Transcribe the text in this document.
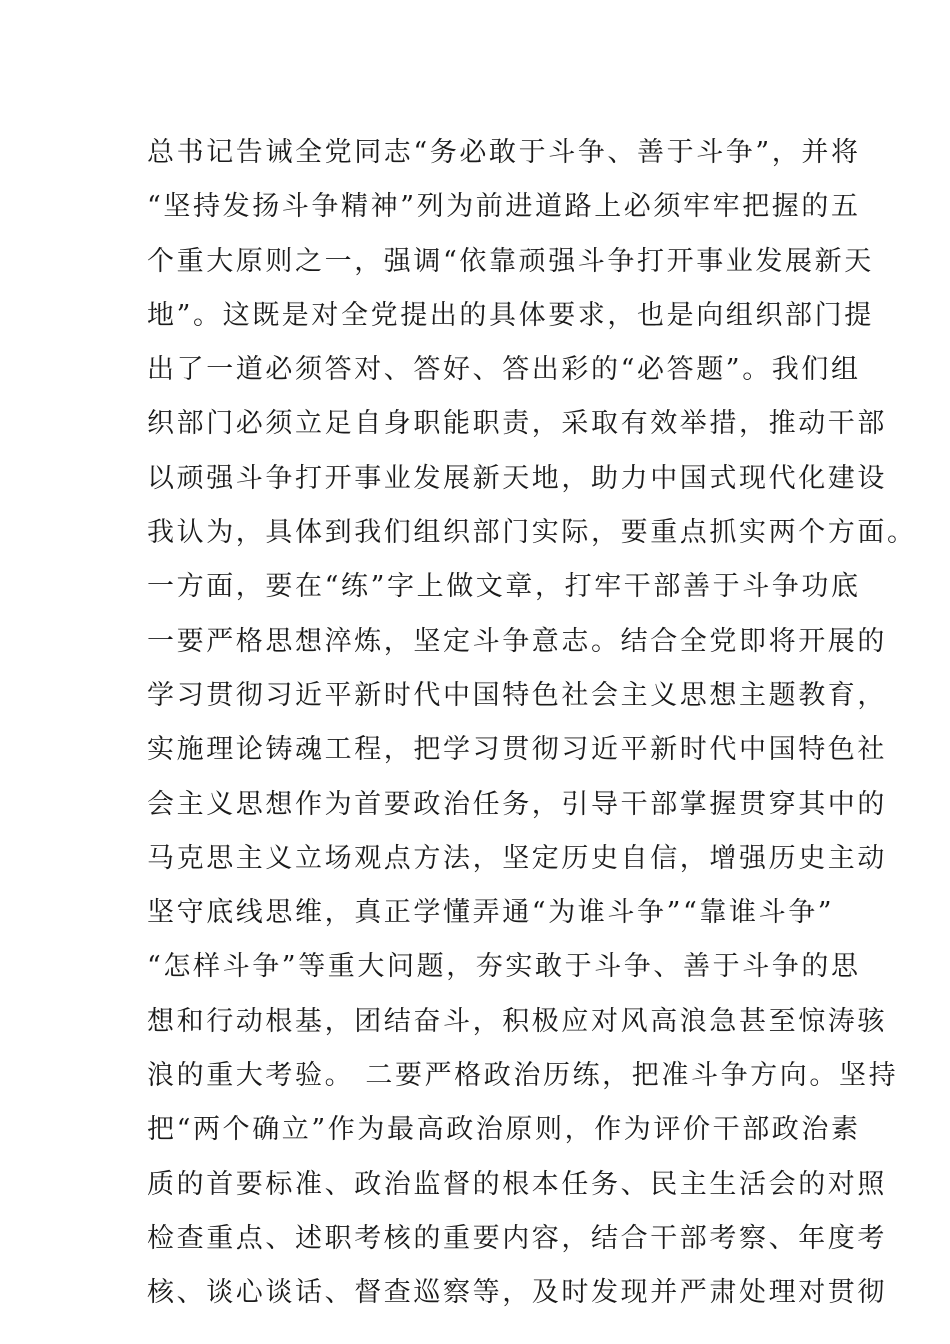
总书记告诫全党同志“务必敢于斗争、善于斗争”，并将
“坚持发扬斗争精神”列为前进道路上必须牢牢把握的五
个重大原则之一，强调“依靠顽强斗争打开事业发展新天
地”。这既是对全党提出的具体要求，也是向组织部门提
出了一道必须答对、答好、答出彩的“必答题”。我们组
织部门必须立足自身职能职责，采取有效举措，推动干部
以顽强斗争打开事业发展新天地，助力中国式现代化建设
我认为，具体到我们组织部门实际，要重点抓实两个方面。
一方面，要在“练”字上做文章，打牢干部善于斗争功底
一要严格思想淬炼，坚定斗争意志。结合全党即将开展的
学习贯彻习近平新时代中国特色社会主义思想主题教育，
实施理论铸魂工程，把学习贯彻习近平新时代中国特色社
会主义思想作为首要政治任务，引导干部掌握贯穿其中的
马克思主义立场观点方法，坚定历史自信，增强历史主动
坚守底线思维，真正学懂弄通“为谁斗争”“靠谁斗争”
“怎样斗争”等重大问题，夯实敢于斗争、善于斗争的思
想和行动根基，团结奋斗，积极应对风高浪急甚至惊涛骇
浪的重大考验。 二要严格政治历练，把准斗争方向。坚持
把“两个确立”作为最高政治原则，作为评价干部政治素
质的首要标准、政治监督的根本任务、民主生活会的对照
检查重点、述职考核的重要内容，结合干部考察、年度考
核、谈心谈话、督查巡察等，及时发现并严肃处理对贯彻
